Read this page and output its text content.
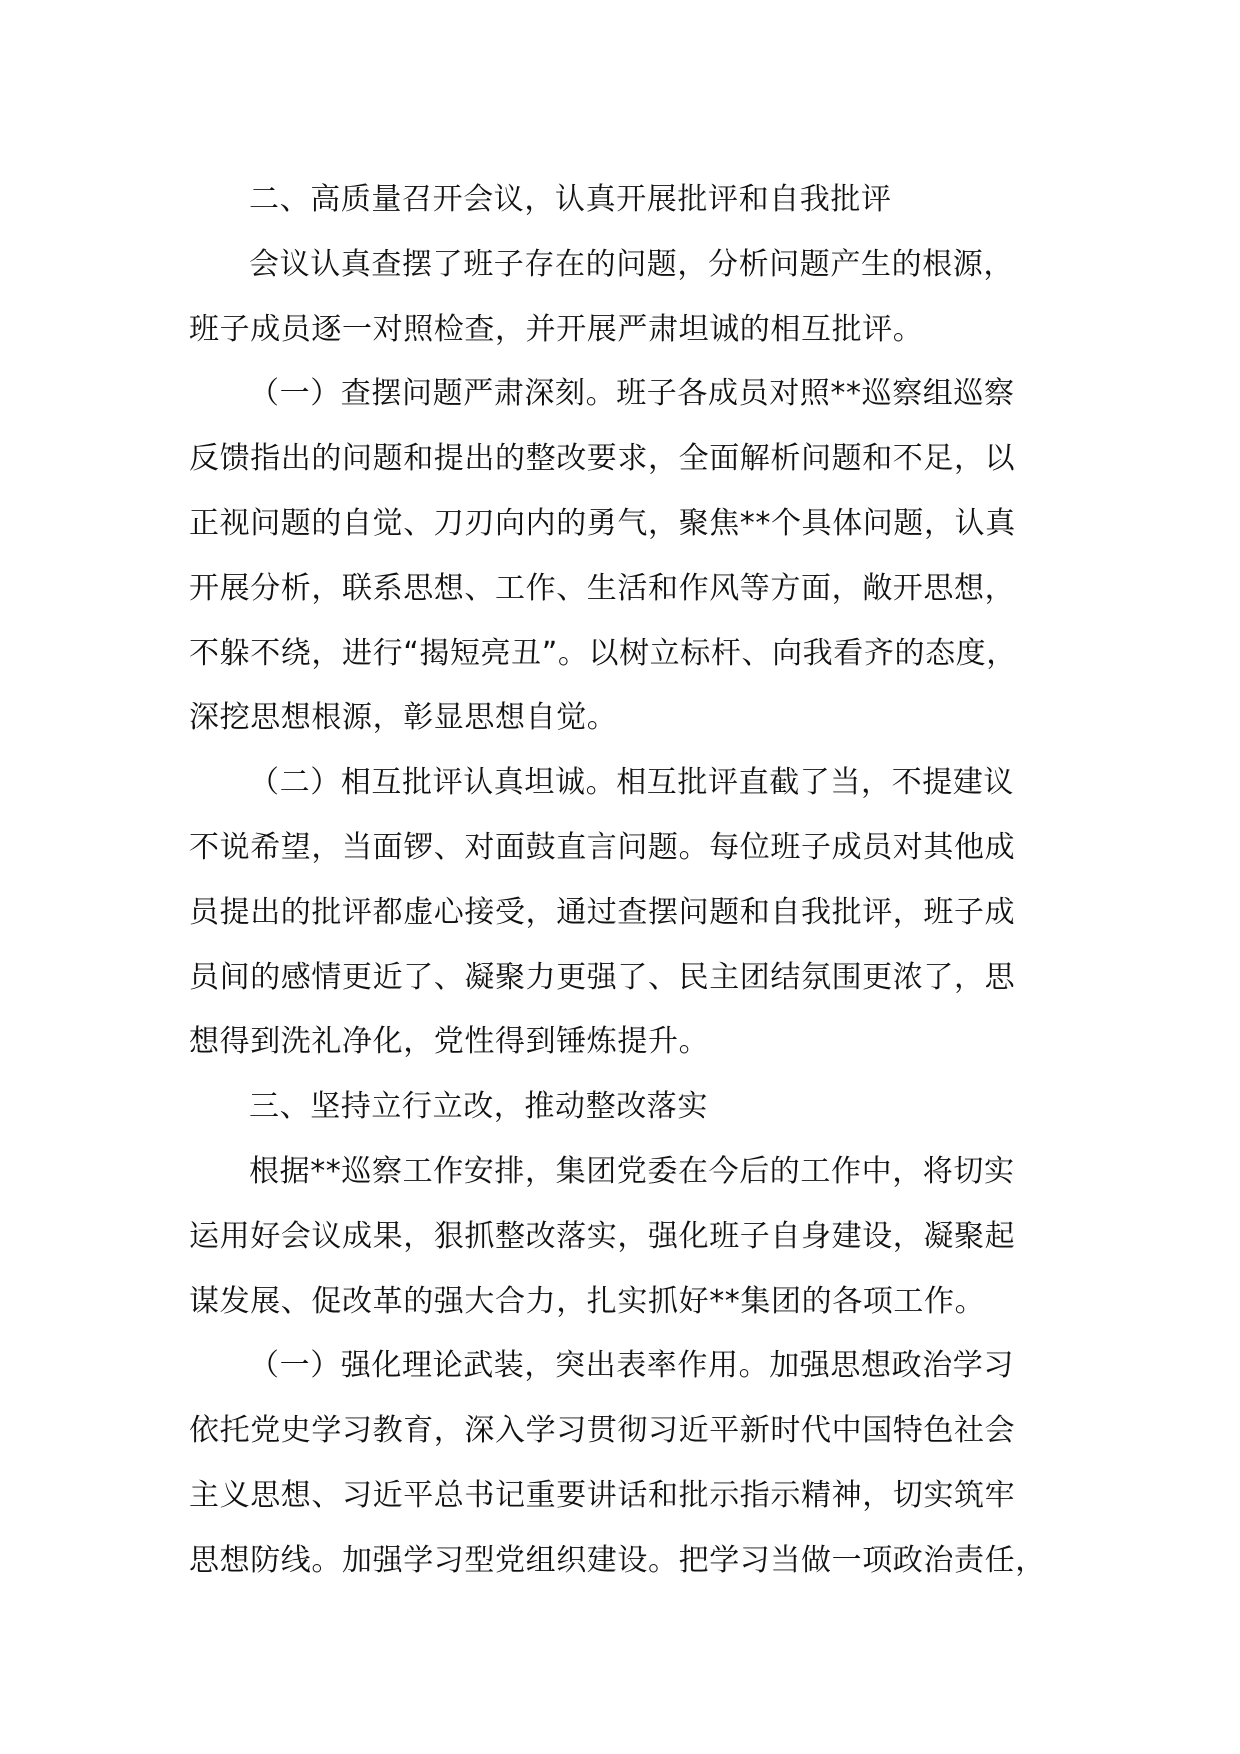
二、高质量召开会议，认真开展批评和自我批评
会议认真查摆了班子存在的问题，分析问题产生的根源，
班子成员逐一对照检查，并开展严肃坦诚的相互批评。
（一）查摆问题严肃深刻。班子各成员对照**巡察组巡察
反馈指出的问题和提出的整改要求，全面解析问题和不足，以
正视问题的自觉、刀刃向内的勇气，聚焦**个具体问题，认真
开展分析，联系思想、工作、生活和作风等方面，敞开思想，
不躲不绕，进行“揭短亮丑”。以树立标杆、向我看齐的态度，
深挖思想根源，彰显思想自觉。
（二）相互批评认真坦诚。相互批评直截了当，不提建议
不说希望，当面锣、对面鼓直言问题。每位班子成员对其他成
员提出的批评都虚心接受，通过查摆问题和自我批评，班子成
员间的感情更近了、凝聚力更强了、民主团结氛围更浓了，思
想得到洗礼净化，党性得到锤炼提升。
三、坚持立行立改，推动整改落实
根据**巡察工作安排，集团党委在今后的工作中，将切实
运用好会议成果，狠抓整改落实，强化班子自身建设，凝聚起
谋发展、促改革的强大合力，扎实抓好**集团的各项工作。
（一）强化理论武装，突出表率作用。加强思想政治学习
依托党史学习教育，深入学习贯彻习近平新时代中国特色社会
主义思想、习近平总书记重要讲话和批示指示精神，切实筑牢
思想防线。加强学习型党组织建设。把学习当做一项政治责任，
